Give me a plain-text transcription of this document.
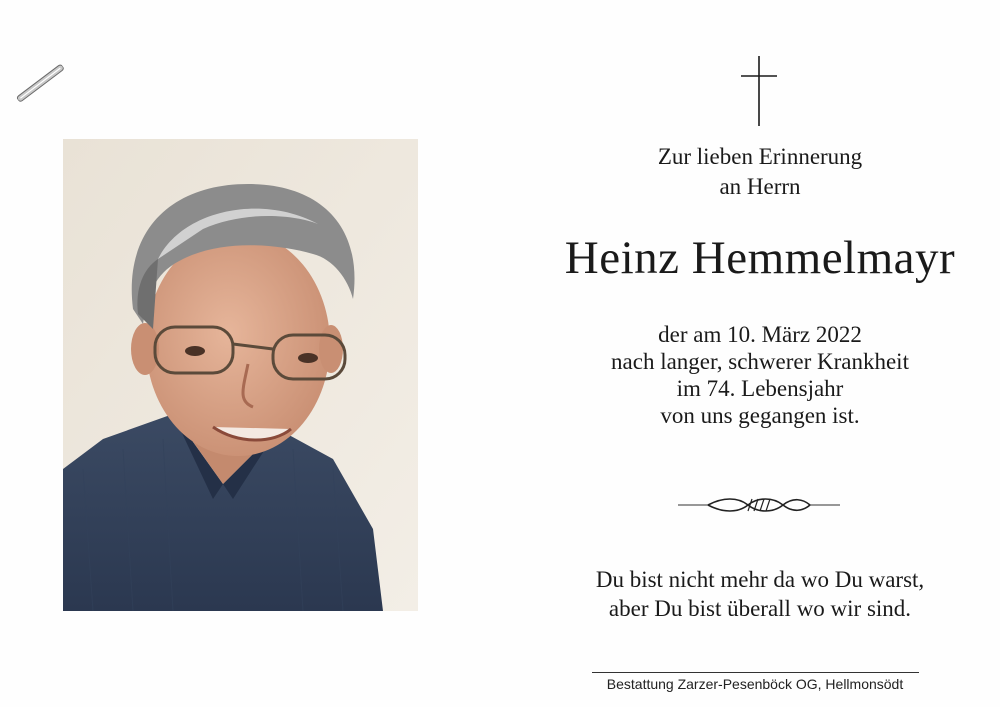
Zur lieben Erinnerung
an Herrn
Heinz Hemmelmayr
der am 10. März 2022
nach langer, schwerer Krankheit
im 74. Lebensjahr
von uns gegangen ist.
Du bist nicht mehr da wo Du warst,
aber Du bist überall wo wir sind.
Bestattung Zarzer-Pesenböck OG, Hellmonsödt
